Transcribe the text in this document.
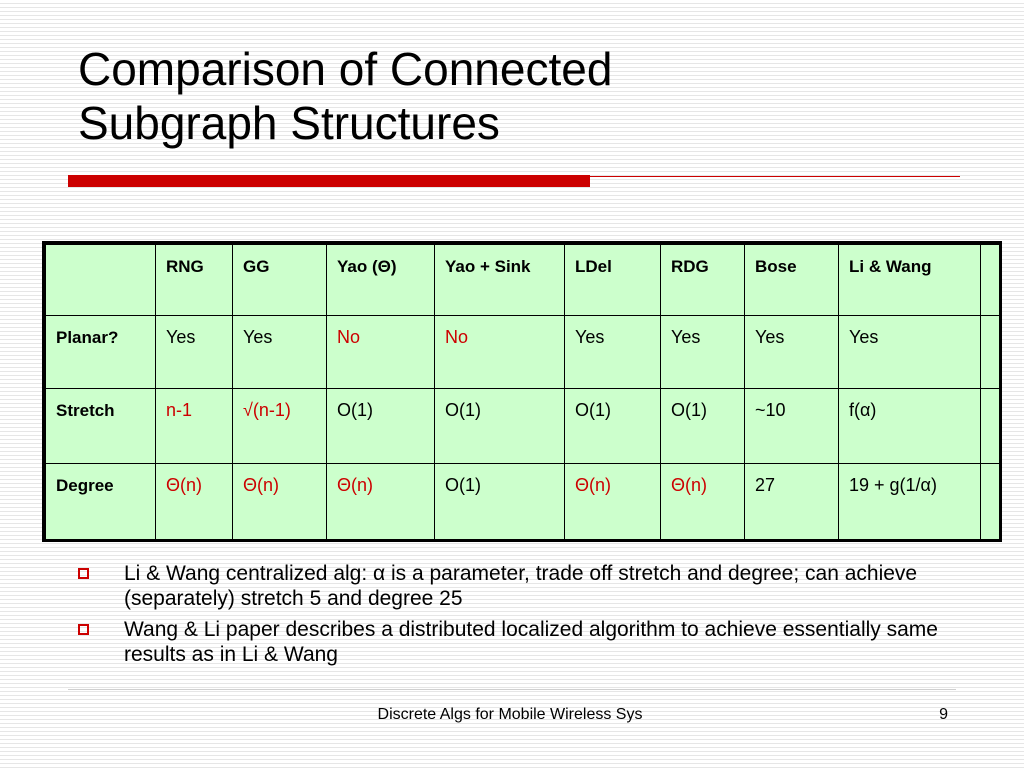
Comparison of Connected
Subgraph Structures
	RNG	GG	Yao (Θ)	Yao + Sink	LDel	RDG	Bose	Li & Wang	
Planar?	Yes	Yes	No	No	Yes	Yes	Yes	Yes	
Stretch	n-1	√(n-1)	O(1)	O(1)	O(1)	O(1)	~10	f(α)	
Degree	Θ(n)	Θ(n)	Θ(n)	O(1)	Θ(n)	Θ(n)	27	19 + g(1/α)	
Li & Wang centralized alg: α is a parameter, trade off stretch and degree; can achieve (separately) stretch 5 and degree 25
Wang & Li paper describes a distributed localized algorithm to achieve essentially same results as in Li & Wang
Discrete Algs for Mobile Wireless Sys	9
